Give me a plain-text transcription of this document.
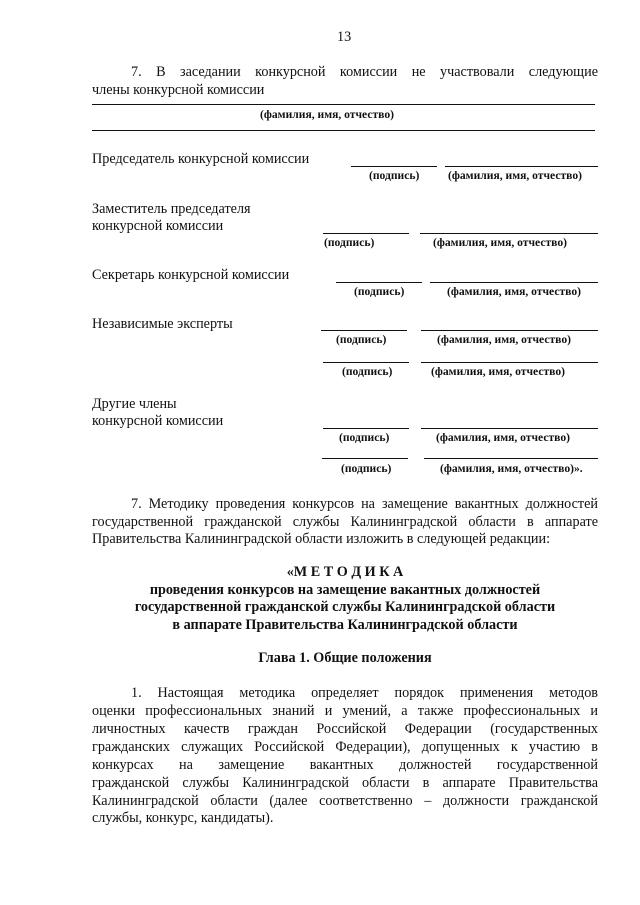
13
7. В заседании конкурсной комиссии не участвовали следующие
члены конкурсной комиссии
(фамилия, имя, отчество)
Председатель конкурсной комиссии
(подпись) (фамилия, имя, отчество)
Заместитель председателя
конкурсной комиссии
(подпись)	(фамилия, имя, отчество)
Секретарь конкурсной комиссии
(подпись)	(фамилия, имя, отчество)
Независимые эксперты
(подпись)	(фамилия, имя, отчество)
(подпись)	(фамилия, имя, отчество)
Другие члены
конкурсной комиссии
(подпись)	(фамилия, имя, отчество)
(подпись)	(фамилия, имя, отчество)».
7. Методику проведения конкурсов на замещение вакантных должностей
государственной гражданской службы Калининградской области в аппарате
Правительства Калининградской области изложить в следующей редакции:
«М Е Т О Д И К А
проведения конкурсов на замещение вакантных должностей
государственной гражданской службы Калининградской области
в аппарате Правительства Калининградской области
Глава 1. Общие положения
1. Настоящая методика определяет порядок применения методов
оценки профессиональных знаний и умений, а также профессиональных и
личностных качеств граждан Российской Федерации (государственных
гражданских служащих Российской Федерации), допущенных к участию в
конкурсах на замещение вакантных должностей государственной
гражданской службы Калининградской области в аппарате Правительства
Калининградской области (далее соответственно – должности гражданской
службы, конкурс, кандидаты).
